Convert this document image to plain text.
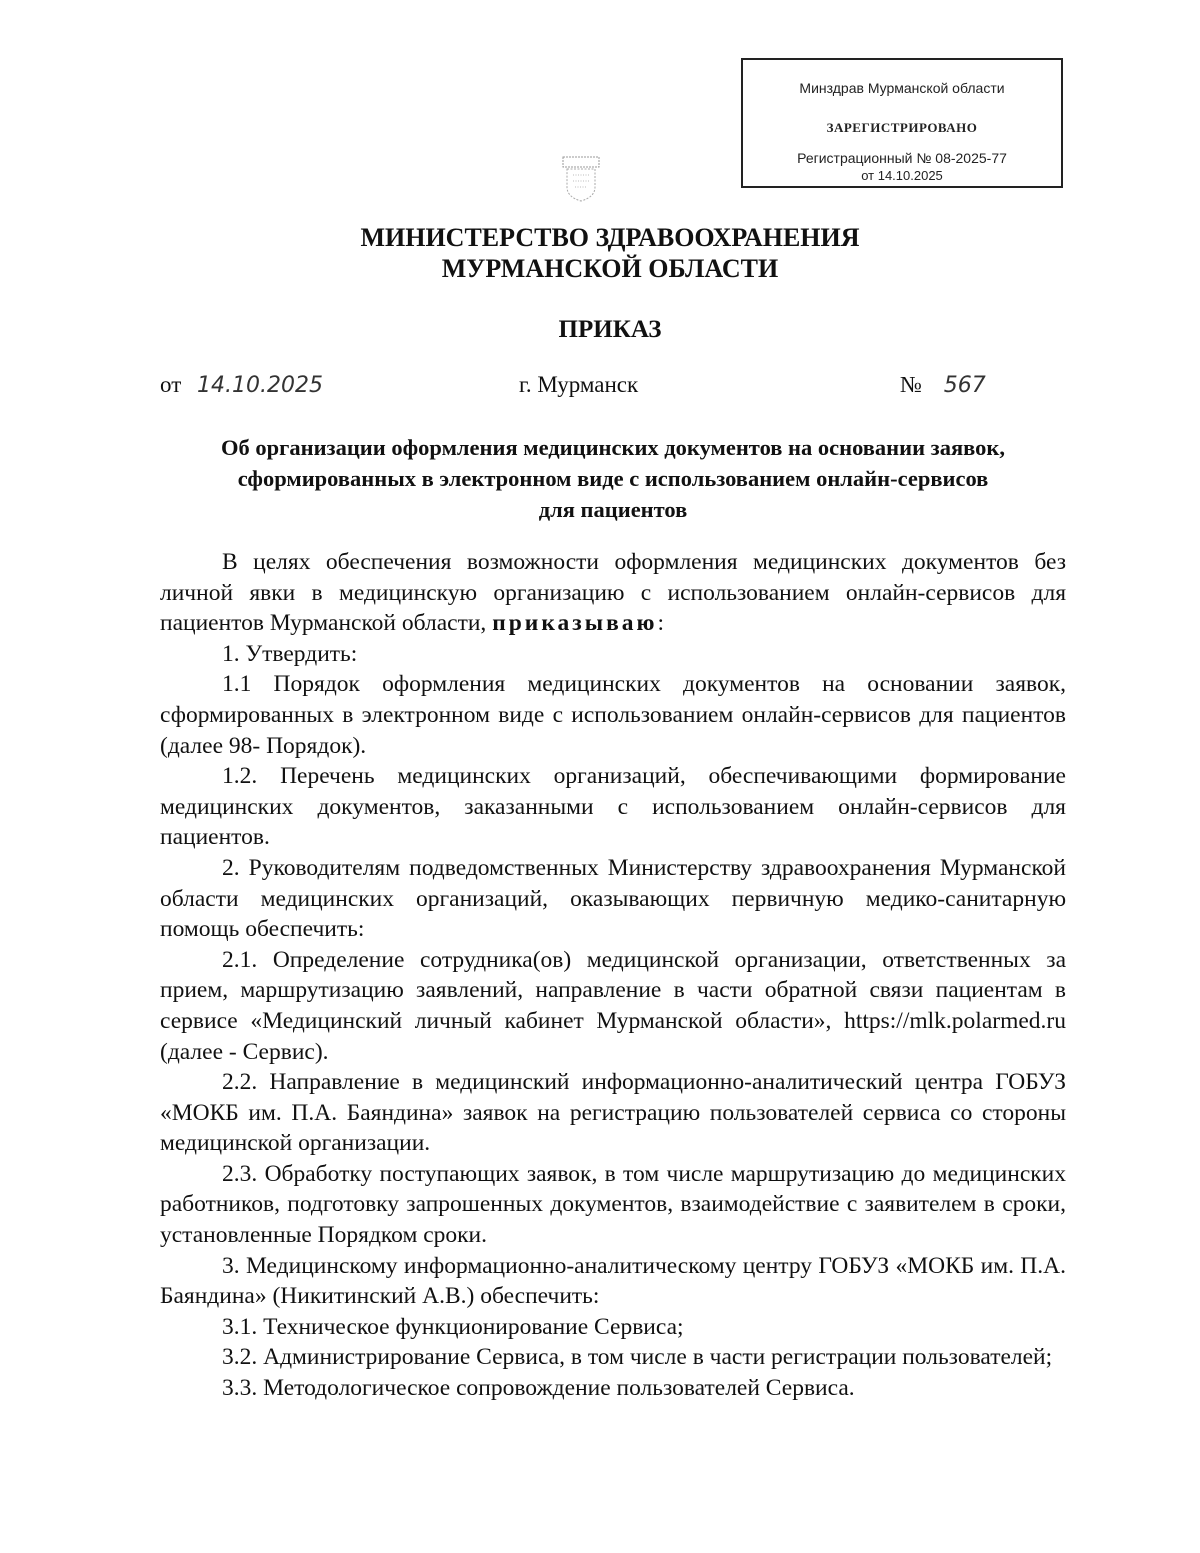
Минздрав Мурманской области
ЗАРЕГИСТРИРОВАНО
Регистрационный № 08-2025-77
от 14.10.2025
МИНИСТЕРСТВО ЗДРАВООХРАНЕНИЯ
МУРМАНСКОЙ ОБЛАСТИ
ПРИКАЗ
от 14.10.2025	г. Мурманск	№ 567
Об организации оформления медицинских документов на основании заявок,
сформированных в электронном виде с использованием онлайн-сервисов
для пациентов

В целях обеспечения возможности оформления медицинских документов без личной явки в медицинскую организацию с использованием онлайн-сервисов для пациентов Мурманской области, приказываю:

1. Утвердить:

1.1 Порядок оформления медицинских документов на основании заявок, сформированных в электронном виде с использованием онлайн-сервисов для пациентов (далее 98- Порядок).

1.2. Перечень медицинских организаций, обеспечивающими формирование медицинских документов, заказанными с использованием онлайн-сервисов для пациентов.

2. Руководителям подведомственных Министерству здравоохранения Мурманской области медицинских организаций, оказывающих первичную медико-санитарную помощь обеспечить:

2.1. Определение сотрудника(ов) медицинской организации, ответственных за прием, маршрутизацию заявлений, направление в части обратной связи пациентам в сервисе «Медицинский личный кабинет Мурманской области», https://mlk.polarmed.ru (далее - Сервис).

2.2. Направление в медицинский информационно-аналитический центра ГОБУЗ «МОКБ им. П.А. Баяндина» заявок на регистрацию пользователей сервиса со стороны медицинской организации.

2.3. Обработку поступающих заявок, в том числе маршрутизацию до медицинских работников, подготовку запрошенных документов, взаимодействие с заявителем в сроки, установленные Порядком сроки.

3. Медицинскому информационно-аналитическому центру ГОБУЗ «МОКБ им. П.А. Баяндина» (Никитинский А.В.) обеспечить:

3.1. Техническое функционирование Сервиса;

3.2. Администрирование Сервиса, в том числе в части регистрации пользователей;

3.3. Методологическое сопровождение пользователей Сервиса.
